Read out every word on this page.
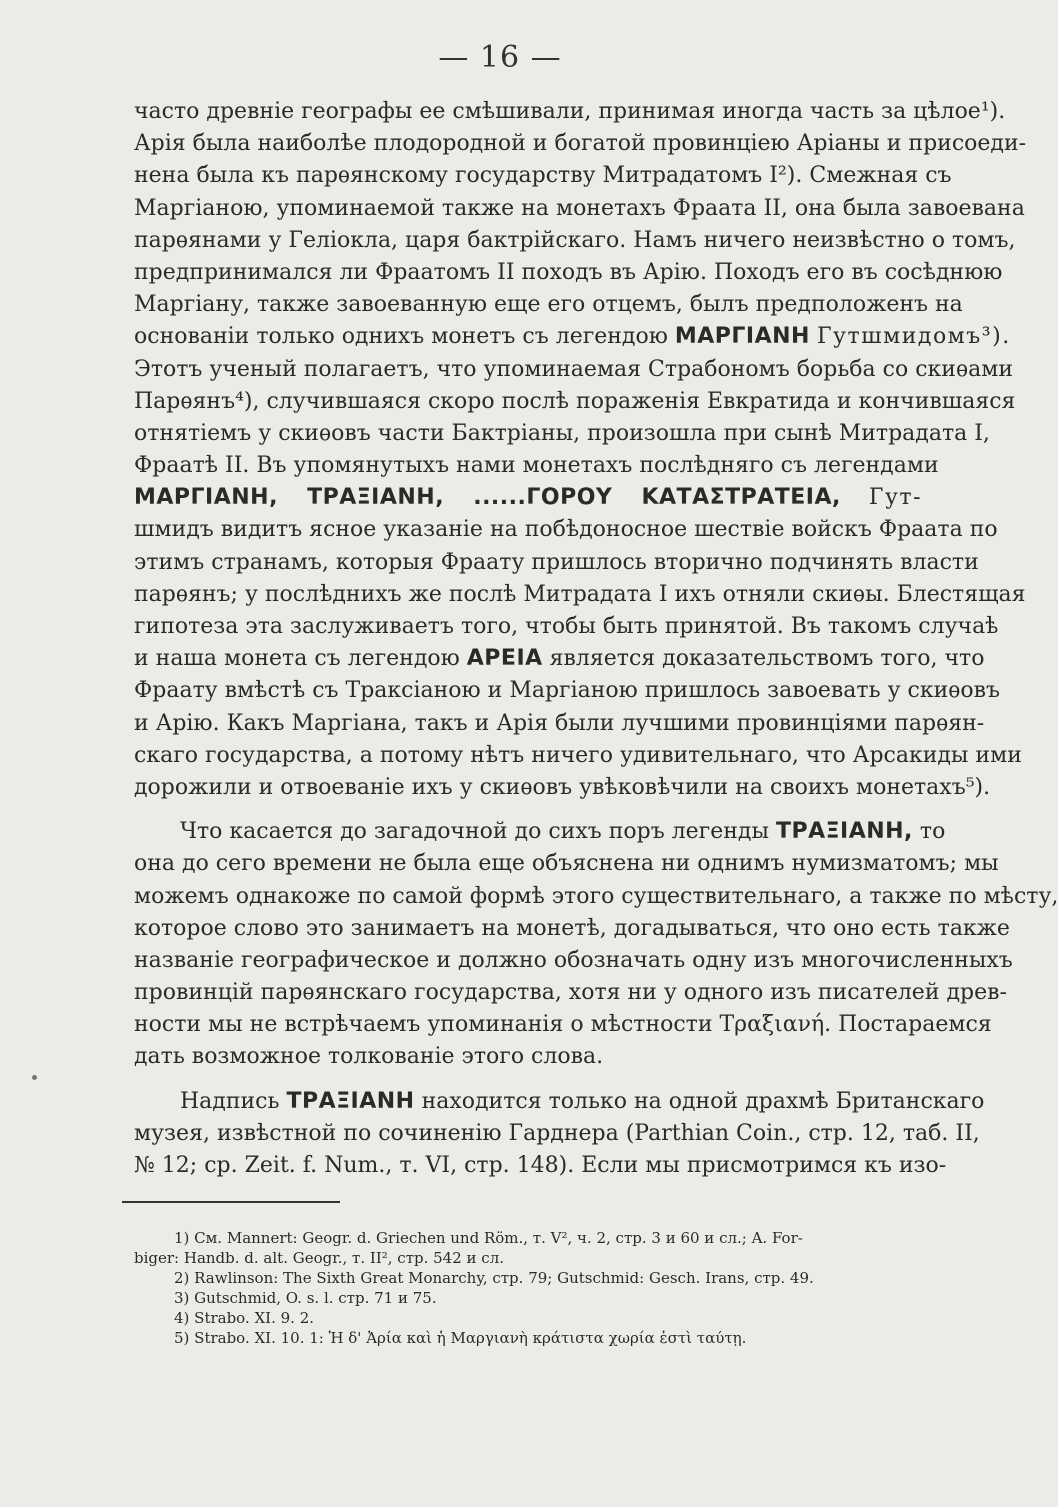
— 16 —
часто древнiе географы ее смѣшивали, принимая иногда часть за цѣлое¹).
Арiя была наиболѣе плодородной и богатой провинцiею Арiаны и присоеди-
нена была къ парѳянскому государству Митрадатомъ I²). Смежная съ
Маргiаною, упоминаемой также на монетахъ Фраата II, она была завоевана
парѳянами у Гелiокла, царя бактрiйскаго. Намъ ничего неизвѣстно о томъ,
предпринималcя ли Фраатомъ II походъ въ Арiю. Походъ его въ сосѣднюю
Маргiану, также завоеванную еще его отцемъ, былъ предположенъ на
основанiи только однихъ монетъ съ легендою ΜΑΡΓΙΑΝΗ Гутшмидомъ³).
Этотъ ученый полагаетъ, что упоминаемая Страбономъ борьба со скиѳами
Парѳянъ⁴), случившаяся скоро послѣ пораженiя Евкратида и кончившаяся
отнятiемъ у скиѳовъ части Бактрiаны, произошла при сынѣ Митрадата I,
Фраатѣ II. Въ упомянутыхъ нами монетахъ послѣдняго съ легендами
ΜΑΡΓΙΑΝΗ, ΤΡΑΞΙΑΝΗ, ......ΓΟΡΟΥ ΚΑΤΑΣΤΡΑΤΕΙΑ, Гут-
шмидъ видитъ ясное указанiе на побѣдоносное шествiе войскъ Фраата по
этимъ странамъ, которыя Фраату пришлось вторично подчинять власти
парѳянъ; у послѣднихъ же послѣ Митрадата I ихъ отняли скиѳы. Блестящая
гипотеза эта заслуживаетъ того, чтобы быть принятой. Въ такомъ случаѣ
и наша монета съ легендою ΑΡΕΙΑ является доказательствомъ того, что
Фраату вмѣстѣ съ Траксiаною и Маргiаною пришлось завоевать у скиѳовъ
и Арiю. Какъ Маргiана, такъ и Арiя были лучшими провинцiями парѳян-
скаго государства, а потому нѣтъ ничего удивительнаго, что Арсакиды ими
дорожили и отвоеванiе ихъ у скиѳовъ увѣковѣчили на своихъ монетахъ⁵).
Что касается до загадочной до сихъ поръ легенды ΤΡΑΞΙΑΝΗ, то
она до сего времени не была еще объяснена ни однимъ нумизматомъ; мы
можемъ однакоже по самой формѣ этого существительнаго, а также по мѣсту,
которое слово это занимаетъ на монетѣ, догадываться, что оно есть также
названiе географическое и должно обозначать одну изъ многочисленныхъ
провинцiй парѳянскаго государства, хотя ни у одного изъ писателей древ-
ности мы не встрѣчаемъ упоминанiя о мѣстности Τραξιανή. Постараемся
дать возможное толкованiе этого слова.
Надпись ΤΡΑΞΙΑΝΗ находится только на одной драхмѣ Британскаго
музея, извѣстной по сочиненiю Гарднера (Parthian Coin., стр. 12, таб. II,
№ 12; ср. Zeit. f. Num., т. VI, стр. 148). Если мы присмотримся къ изо-
1) См. Mannert: Geogr. d. Griechen und Röm., т. V², ч. 2, стр. 3 и 60 и сл.; A. For-
biger: Handb. d. alt. Geogr., т. II², стр. 542 и сл.
2) Rawlinson: The Sixth Great Monarchy, стр. 79; Gutschmid: Gesch. Irans, стр. 49.
3) Gutschmid, O. s. l. стр. 71 и 75.
4) Strabo. XI. 9. 2.
5) Strabo. XI. 10. 1: Ἡ δ' Ἀρία καὶ ἡ Μαργιανὴ κράτιστα χωρία ἐστὶ ταύτῃ.
